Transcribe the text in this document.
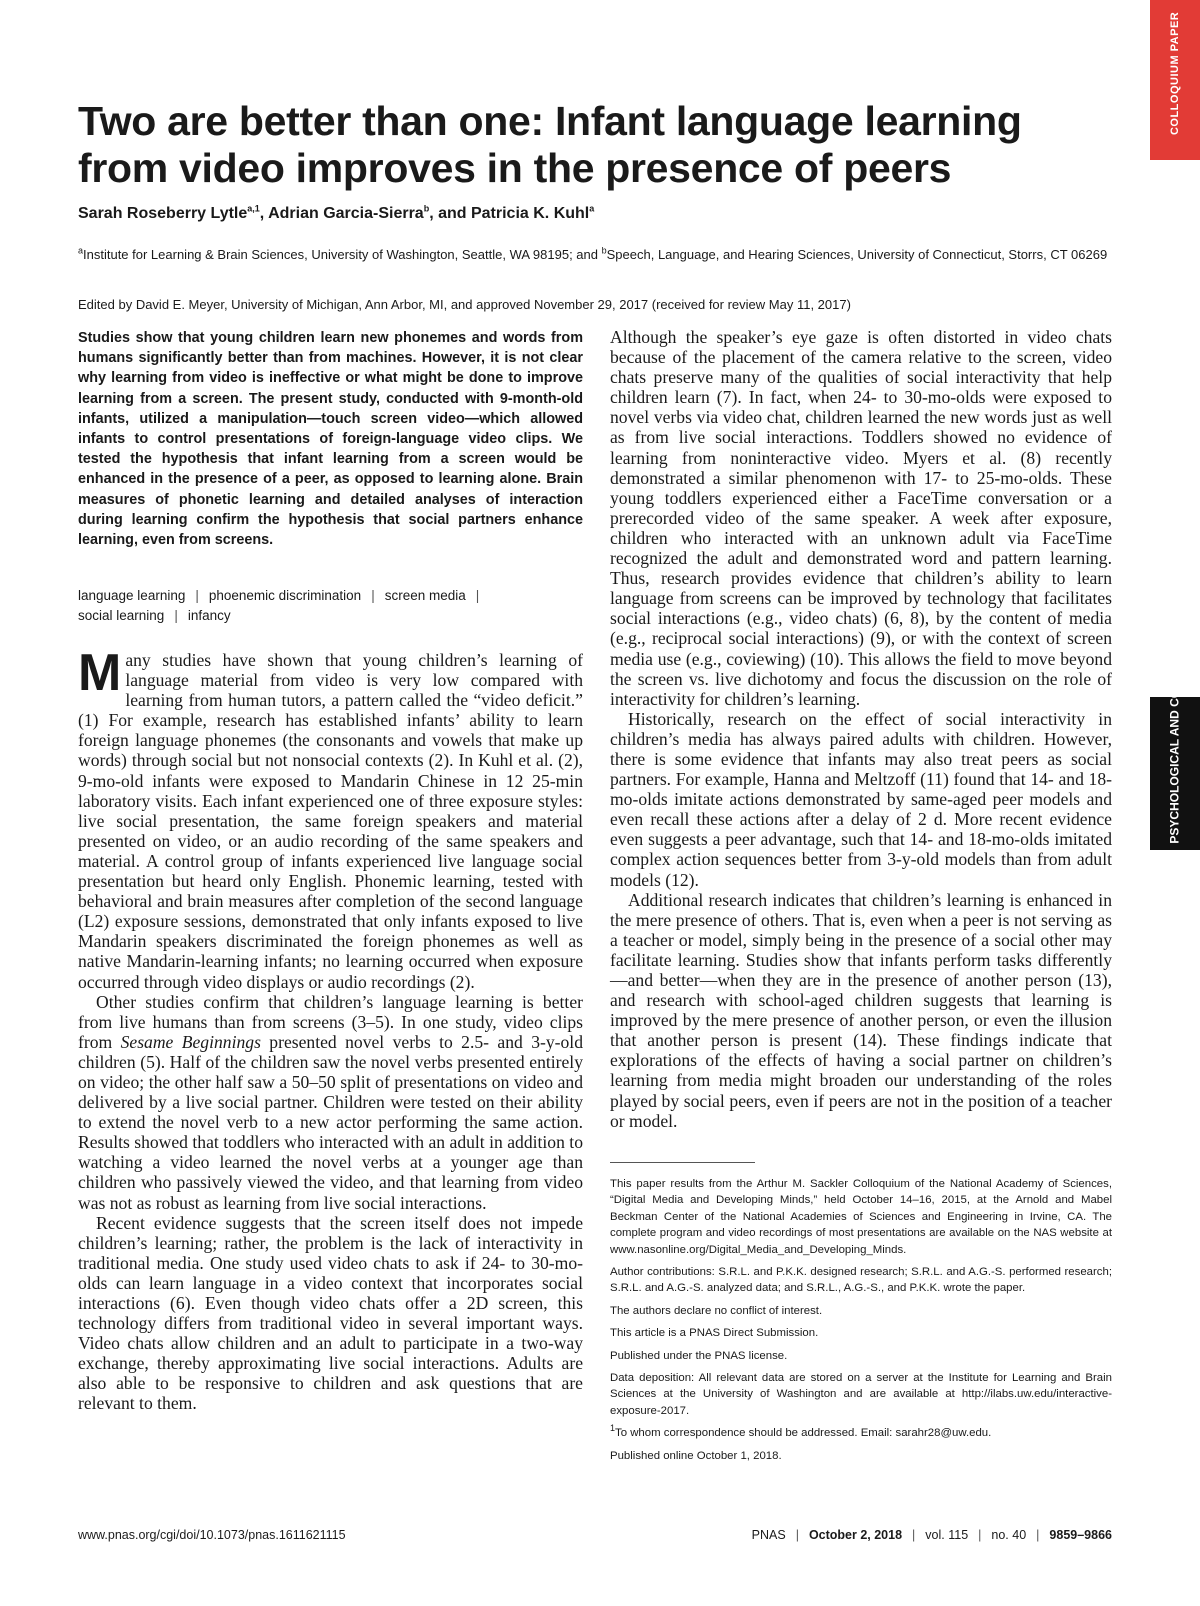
COLLOQUIUM PAPER
PSYCHOLOGICAL AND COGNITIVE SCIENCES
Two are better than one: Infant language learning from video improves in the presence of peers
Sarah Roseberry Lytle$^{a,1}$, Adrian Garcia-Sierra$^b$, and Patricia K. Kuhl$^a$
$^a$Institute for Learning & Brain Sciences, University of Washington, Seattle, WA 98195; and $^b$Speech, Language, and Hearing Sciences, University of Connecticut, Storrs, CT 06269
Edited by David E. Meyer, University of Michigan, Ann Arbor, MI, and approved November 29, 2017 (received for review May 11, 2017)

Studies show that young children learn new phonemes and words from humans significantly better than from machines. However, it is not clear why learning from video is ineffective or what might be done to improve learning from a screen. The present study, conducted with 9-month-old infants, utilized a manipulation—touch screen video—which allowed infants to control presentations of foreign-language video clips. We tested the hypothesis that infant learning from a screen would be enhanced in the presence of a peer, as opposed to learning alone. Brain measures of phonetic learning and detailed analyses of interaction during learning confirm the hypothesis that social partners enhance learning, even from screens.

language learning | phoenemic discrimination | screen media |
social learning | infancy

Many studies have shown that young children’s learning of language material from video is very low compared with learning from human tutors, a pattern called the “video deficit.” (1) For example, research has established infants’ ability to learn foreign language phonemes (the consonants and vowels that make up words) through social but not nonsocial contexts (2). In Kuhl et al. (2), 9-mo-old infants were exposed to Mandarin Chinese in 12 25-min laboratory visits. Each infant experienced one of three exposure styles: live social presentation, the same foreign speakers and material presented on video, or an audio recording of the same speakers and material. A control group of infants experienced live language social presentation but heard only English. Phonemic learning, tested with behavioral and brain measures after completion of the second language (L2) exposure sessions, demonstrated that only infants exposed to live Mandarin speakers discriminated the foreign phonemes as well as native Mandarin-learning infants; no learning occurred when exposure occurred through video displays or audio recordings (2).

Other studies confirm that children’s language learning is better from live humans than from screens (3–5). In one study, video clips from Sesame Beginnings presented novel verbs to 2.5- and 3-y-old children (5). Half of the children saw the novel verbs presented entirely on video; the other half saw a 50–50 split of presentations on video and delivered by a live social partner. Children were tested on their ability to extend the novel verb to a new actor performing the same action. Results showed that toddlers who interacted with an adult in addition to watching a video learned the novel verbs at a younger age than children who passively viewed the video, and that learning from video was not as robust as learning from live social interactions.

Recent evidence suggests that the screen itself does not impede children’s learning; rather, the problem is the lack of interactivity in traditional media. One study used video chats to ask if 24- to 30-mo-olds can learn language in a video context that incorporates social interactions (6). Even though video chats offer a 2D screen, this technology differs from traditional video in several important ways. Video chats allow children and an adult to participate in a two-way exchange, thereby approximating live social interactions. Adults are also able to be responsive to children and ask questions that are relevant to them.

Although the speaker’s eye gaze is often distorted in video chats because of the placement of the camera relative to the screen, video chats preserve many of the qualities of social interactivity that help children learn (7). In fact, when 24- to 30-mo-olds were exposed to novel verbs via video chat, children learned the new words just as well as from live social interactions. Toddlers showed no evidence of learning from noninteractive video. Myers et al. (8) recently demonstrated a similar phenomenon with 17- to 25-mo-olds. These young toddlers experienced either a FaceTime conversation or a prerecorded video of the same speaker. A week after exposure, children who interacted with an unknown adult via FaceTime recognized the adult and demonstrated word and pattern learning. Thus, research provides evidence that children’s ability to learn language from screens can be improved by technology that facilitates social interactions (e.g., video chats) (6, 8), by the content of media (e.g., reciprocal social interactions) (9), or with the context of screen media use (e.g., coviewing) (10). This allows the field to move beyond the screen vs. live dichotomy and focus the discussion on the role of interactivity for children’s learning.

Historically, research on the effect of social interactivity in children’s media has always paired adults with children. However, there is some evidence that infants may also treat peers as social partners. For example, Hanna and Meltzoff (11) found that 14- and 18-mo-olds imitate actions demonstrated by same-aged peer models and even recall these actions after a delay of 2 d. More recent evidence even suggests a peer advantage, such that 14- and 18-mo-olds imitated complex action sequences better from 3-y-old models than from adult models (12).

Additional research indicates that children’s learning is enhanced in the mere presence of others. That is, even when a peer is not serving as a teacher or model, simply being in the presence of a social other may facilitate learning. Studies show that infants perform tasks differently—and better—when they are in the presence of another person (13), and research with school-aged children suggests that learning is improved by the mere presence of another person, or even the illusion that another person is present (14). These findings indicate that explorations of the effects of having a social partner on children’s learning from media might broaden our understanding of the roles played by social peers, even if peers are not in the position of a teacher or model.

This paper results from the Arthur M. Sackler Colloquium of the National Academy of Sciences, “Digital Media and Developing Minds,” held October 14–16, 2015, at the Arnold and Mabel Beckman Center of the National Academies of Sciences and Engineering in Irvine, CA. The complete program and video recordings of most presentations are available on the NAS website at www.nasonline.org/Digital_Media_and_Developing_Minds.

Author contributions: S.R.L. and P.K.K. designed research; S.R.L. and A.G.-S. performed research; S.R.L. and A.G.-S. analyzed data; and S.R.L., A.G.-S., and P.K.K. wrote the paper.

The authors declare no conflict of interest.

This article is a PNAS Direct Submission.

Published under the PNAS license.

Data deposition: All relevant data are stored on a server at the Institute for Learning and Brain Sciences at the University of Washington and are available at http://ilabs.uw.edu/interactive-exposure-2017.

$^1$To whom correspondence should be addressed. Email: sarahr28@uw.edu.

Published online October 1, 2018.

www.pnas.org/cgi/doi/10.1073/pnas.1611621115	PNAS | October 2, 2018 | vol. 115 | no. 40 | 9859–9866
